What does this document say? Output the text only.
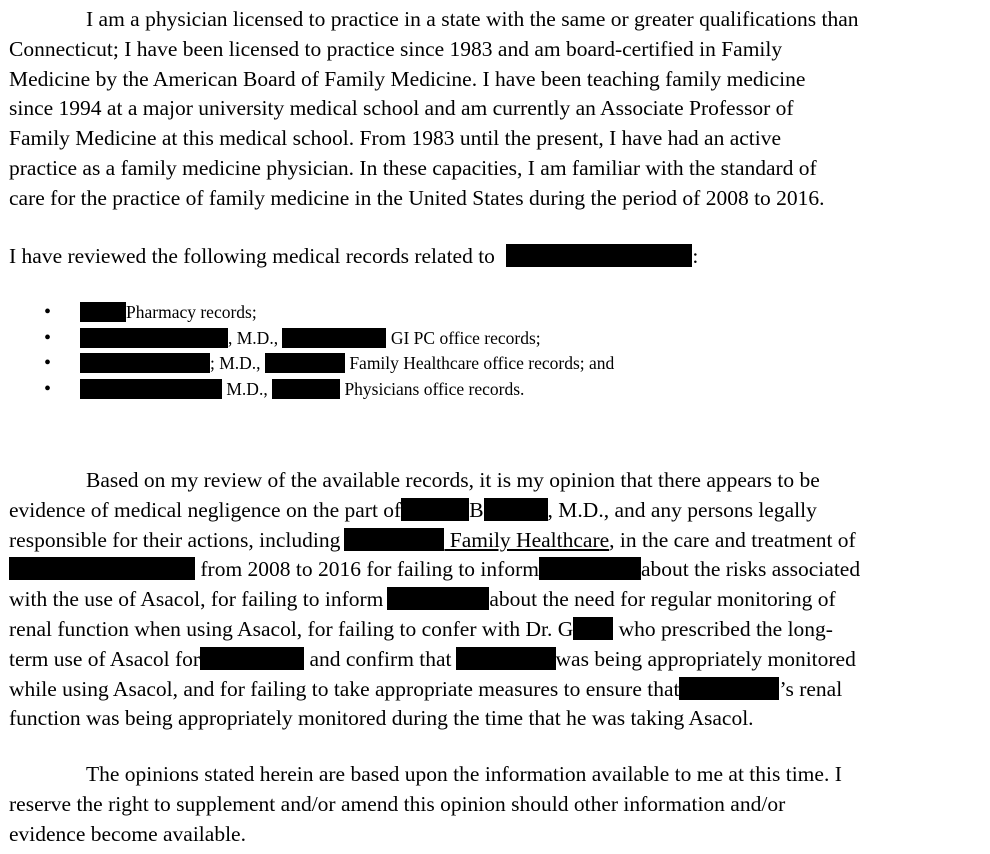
I am a physician licensed to practice in a state with the same or greater qualifications than
Connecticut; I have been licensed to practice since 1983 and am board-certified in Family
Medicine by the American Board of Family Medicine. I have been teaching family medicine
since 1994 at a major university medical school and am currently an Associate Professor of
Family Medicine at this medical school. From 1983 until the present, I have had an active
practice as a family medicine physician. In these capacities, I am familiar with the standard of
care for the practice of family medicine in the United States during the period of 2008 to 2016.
I have reviewed the following medical records related to	:
•	Pharmacy records;
•	, M.D.,	GI PC office records;
•	; M.D.,	Family Healthcare office records; and
•	M.D.,	Physicians office records.
Based on my review of the available records, it is my opinion that there appears to be
evidence of medical negligence on the part of	B	, M.D., and any persons legally
responsible for their actions, including	Family Healthcare, in the care and treatment of
from 2008 to 2016 for failing to inform	about the risks associated
with the use of Asacol, for failing to inform	about the need for regular monitoring of
renal function when using Asacol, for failing to confer with Dr. G who prescribed the long-
term use of Asacol for	and confirm that	was being appropriately monitored
while using Asacol, and for failing to take appropriate measures to ensure that	’s renal
function was being appropriately monitored during the time that he was taking Asacol.
The opinions stated herein are based upon the information available to me at this time. I
reserve the right to supplement and/or amend this opinion should other information and/or
evidence become available.
